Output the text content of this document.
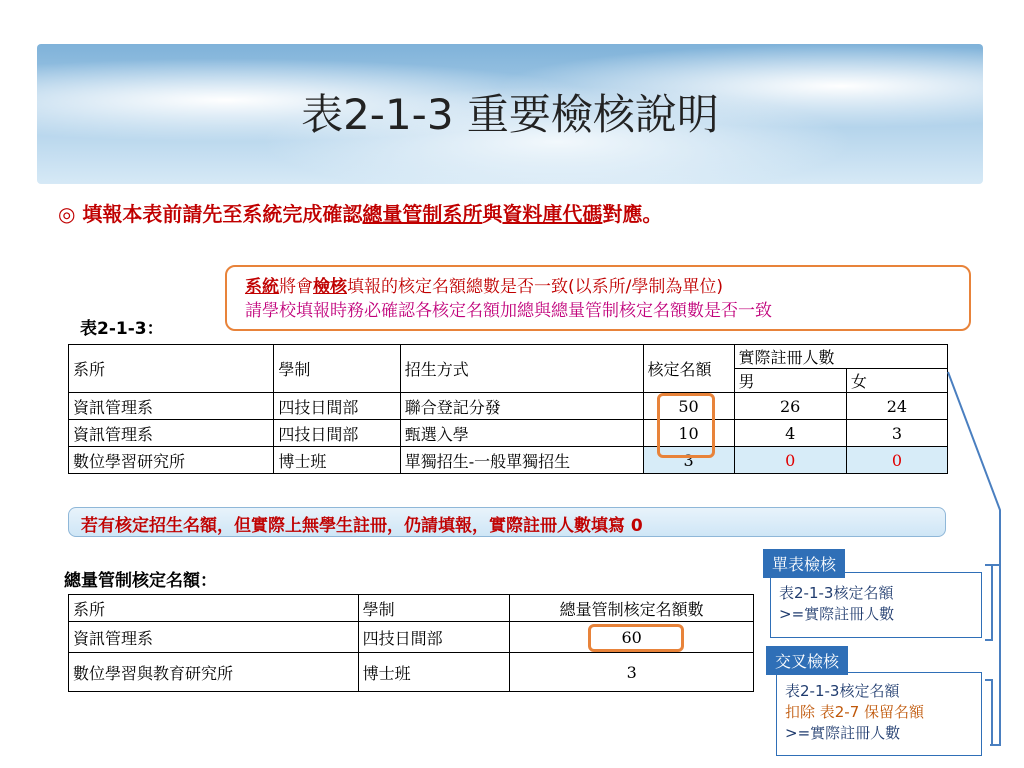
表2-1-3 重要檢核說明
◎ 填報本表前請先至系統完成確認總量管制系所與資料庫代碼對應。
系統將會檢核填報的核定名額總數是否一致(以系所/學制為單位)
請學校填報時務必確認各核定名額加總與總量管制核定名額數是否一致
表2-1-3：
系所	學制	招生方式	核定名額	實際註冊人數	
				男	女
資訊管理系	四技日間部	聯合登記分發	50	26	24
資訊管理系	四技日間部	甄選入學	10	4	3
數位學習研究所	博士班	單獨招生-一般單獨招生	3	0	0
若有核定招生名額，但實際上無學生註冊，仍請填報，實際註冊人數填寫 0
總量管制核定名額：
系所	學制	總量管制核定名額數
資訊管理系	四技日間部	60
數位學習與教育研究所	博士班	3
表2-1-3核定名額
>=實際註冊人數
單表檢核
表2-1-3核定名額
扣除 表2-7 保留名額
>=實際註冊人數
交叉檢核
